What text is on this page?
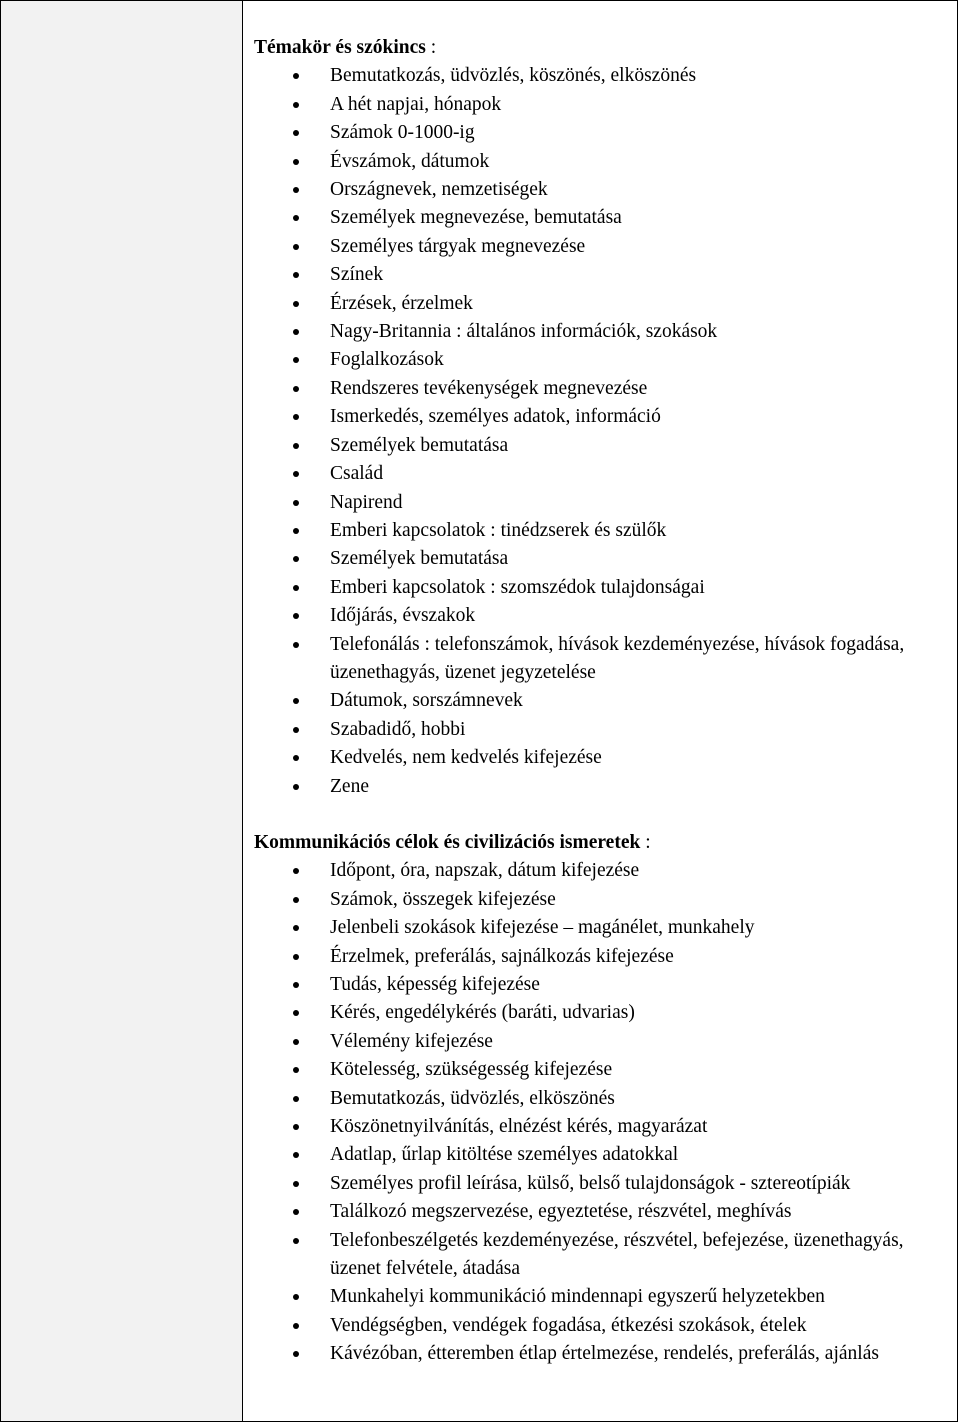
Témakör és szókincs :

Bemutatkozás, üdvözlés, köszönés, elköszönés
A hét napjai, hónapok
Számok 0-1000-ig
Évszámok, dátumok
Országnevek, nemzetiségek
Személyek megnevezése, bemutatása
Személyes tárgyak megnevezése
Színek
Érzések, érzelmek
Nagy-Britannia : általános információk, szokások
Foglalkozások
Rendszeres tevékenységek megnevezése
Ismerkedés, személyes adatok, információ
Személyek bemutatása
Család
Napirend
Emberi kapcsolatok : tinédzserek és szülők
Személyek bemutatása
Emberi kapcsolatok : szomszédok tulajdonságai
Időjárás, évszakok
Telefonálás : telefonszámok, hívások kezdeményezése, hívások fogadása, üzenethagyás, üzenet jegyzetelése
Dátumok, sorszámnevek
Szabadidő, hobbi
Kedvelés, nem kedvelés kifejezése
Zene

Kommunikációs célok és civilizációs ismeretek :

Időpont, óra, napszak, dátum kifejezése
Számok, összegek kifejezése
Jelenbeli szokások kifejezése – magánélet, munkahely
Érzelmek, preferálás, sajnálkozás kifejezése
Tudás, képesség kifejezése
Kérés, engedélykérés (baráti, udvarias)
Vélemény kifejezése
Kötelesség, szükségesség kifejezése
Bemutatkozás, üdvözlés, elköszönés
Köszönetnyilvánítás, elnézést kérés, magyarázat
Adatlap, űrlap kitöltése személyes adatokkal
Személyes profil leírása, külső, belső tulajdonságok - sztereotípiák
Találkozó megszervezése, egyeztetése, részvétel, meghívás
Telefonbeszélgetés kezdeményezése, részvétel, befejezése, üzenethagyás, üzenet felvétele, átadása
Munkahelyi kommunikáció mindennapi egyszerű helyzetekben
Vendégségben, vendégek fogadása, étkezési szokások, ételek
Kávézóban, étteremben étlap értelmezése, rendelés, preferálás, ajánlás
